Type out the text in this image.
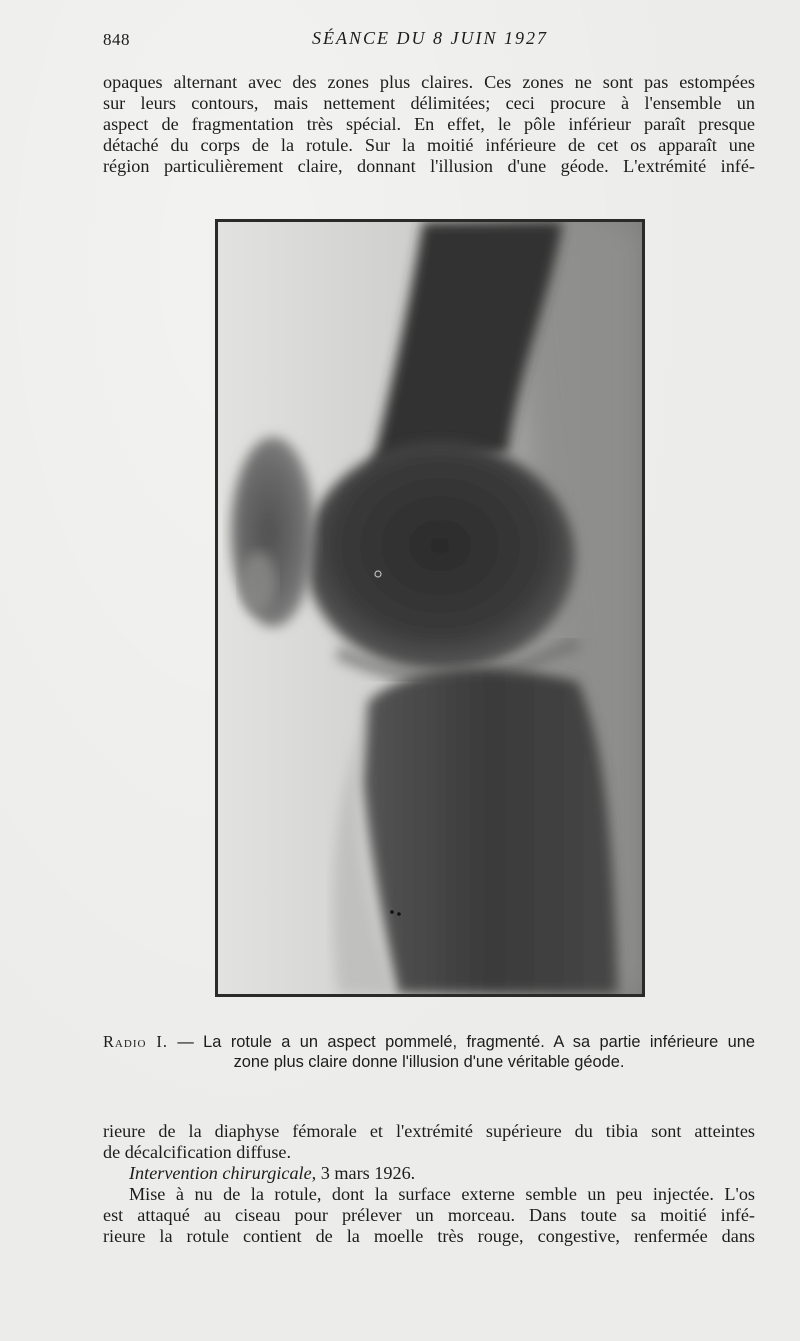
848	SÉANCE DU 8 JUIN 1927

opaques alternant avec des zones plus claires. Ces zones ne sont pas estompées

sur leurs contours, mais nettement délimitées; ceci procure à l'ensemble un

aspect de fragmentation très spécial. En effet, le pôle inférieur paraît presque

détaché du corps de la rotule. Sur la moitié inférieure de cet os apparaît une

région particulièrement claire, donnant l'illusion d'une géode. L'extrémité infé-

Radio I. — La rotule a un aspect pommelé, fragmenté. A sa partie inférieure une
zone plus claire donne l'illusion d'une véritable géode.

rieure de la diaphyse fémorale et l'extrémité supérieure du tibia sont atteintes

de décalcification diffuse.

Intervention chirurgicale, 3 mars 1926.

Mise à nu de la rotule, dont la surface externe semble un peu injectée. L'os

est attaqué au ciseau pour prélever un morceau. Dans toute sa moitié infé-

rieure la rotule contient de la moelle très rouge, congestive, renfermée dans
